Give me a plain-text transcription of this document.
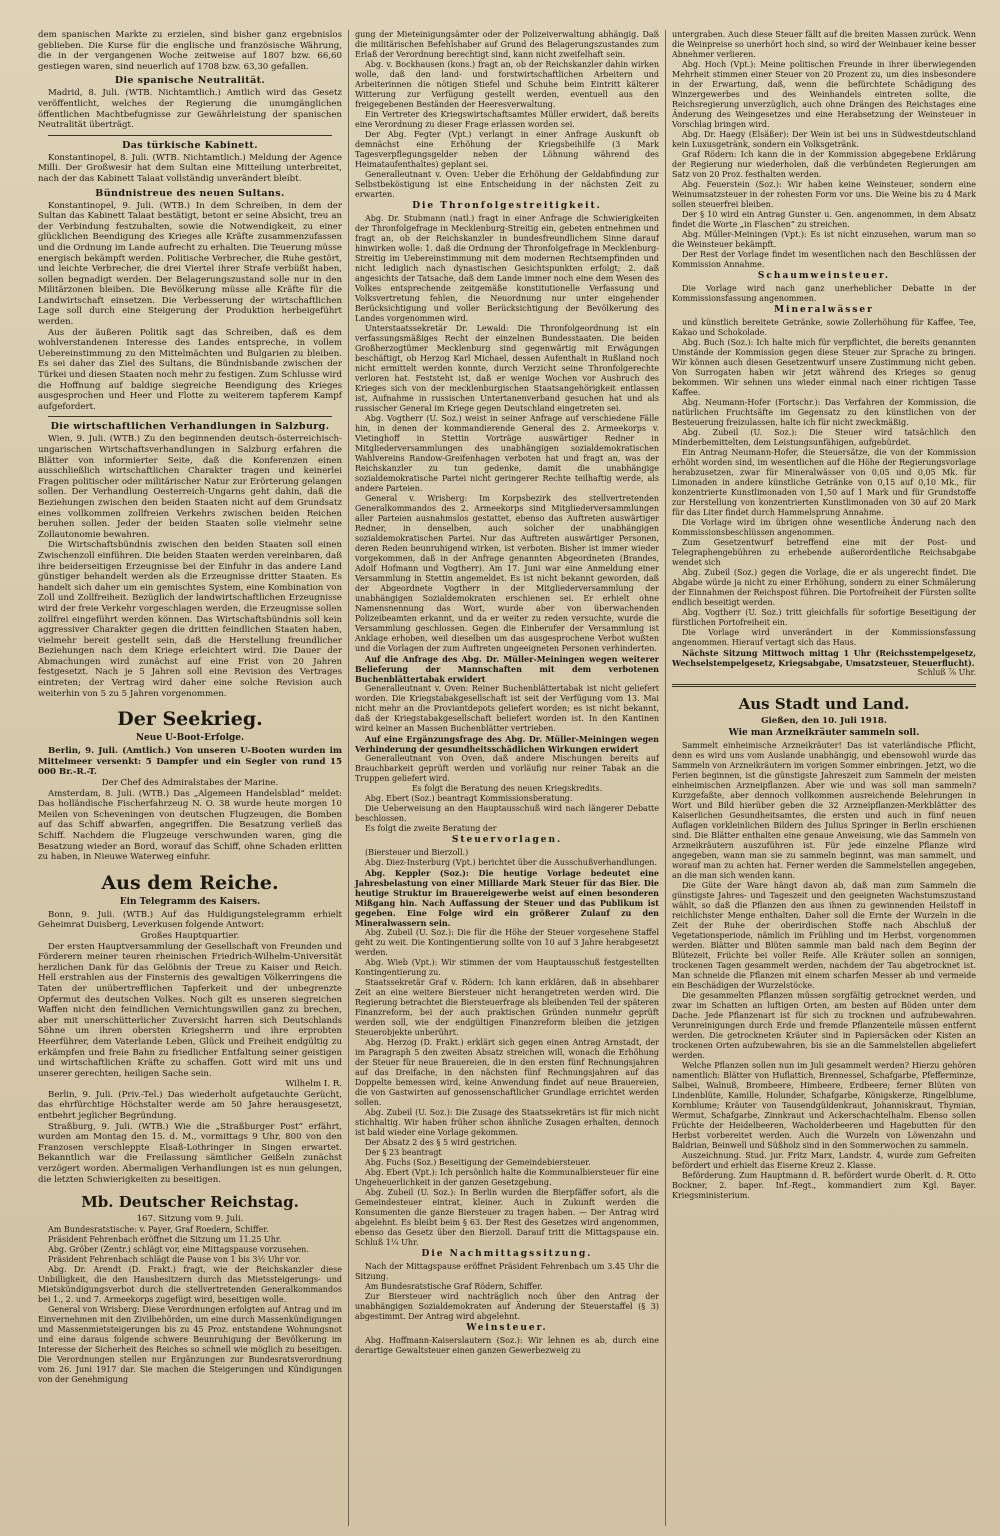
dem spanischen Markte zu erzielen, sind bisher ganz ergebnislos geblieben. Die Kurse für die englische und französische Währung, die in der vergangenen Woche zeitweise auf 1807 bzw. 66,60 gestiegen waren, sind neuerlich auf 1708 bzw. 63,30 gefallen.

Die spanische Neutralität.

Madrid, 8. Juli. (WTB. Nichtamtlich.) Amtlich wird das Gesetz veröffentlicht, welches der Regierung die unumgänglichen öffentlichen Machtbefugnisse zur Gewährleistung der spanischen Neutralität überträgt.

Das türkische Kabinett.

Konstantinopel, 8. Juli. (WTB. Nichtamtlich.) Meldung der Agence Milli. Der Großwesir hat dem Sultan eine Mitteilung unterbreitet, nach der das Kabinett Talaat vollständig unverändert bleibt.

Bündnistreue des neuen Sultans.

Konstantinopel, 9. Juli. (WTB.) In dem Schreiben, in dem der Sultan das Kabinett Talaat bestätigt, betont er seine Absicht, treu an der Verbindung festzuhalten, sowie die Notwendigkeit, zu einer glücklichen Beendigung des Krieges alle Kräfte zusammenzufassen und die Ordnung im Lande aufrecht zu erhalten. Die Teuerung müsse energisch bekämpft werden. Politische Verbrecher, die Ruhe gestört, und leichte Verbrecher, die drei Viertel ihrer Strafe verbüßt haben, sollen begnadigt werden. Der Belagerungszustand solle nur in den Militärzonen bleiben. Die Bevölkerung müsse alle Kräfte für die Landwirtschaft einsetzen. Die Verbesserung der wirtschaftlichen Lage soll durch eine Steigerung der Produktion herbeigeführt werden.

Aus der äußeren Politik sagt das Schreiben, daß es dem wohlverstandenen Interesse des Landes entspreche, in vollem Uebereinstimmung zu den Mittelmächten und Bulgarien zu bleiben. Es sei daher das Ziel des Sultans, die Bündnisbande zwischen der Türkei und diesen Staaten noch mehr zu festigen. Zum Schlusse wird die Hoffnung auf baldige siegreiche Beendigung des Krieges ausgesprochen und Heer und Flotte zu weiterem tapferem Kampf aufgefordert.

Die wirtschaftlichen Verhandlungen in Salzburg.

Wien, 9. Juli. (WTB.) Zu den beginnenden deutsch-österreichisch-ungarischen Wirtschaftsverhandlungen in Salzburg erfahren die Blätter von informierter Seite, daß die Konferenzen einen ausschließlich wirtschaftlichen Charakter tragen und keinerlei Fragen politischer oder militärischer Natur zur Erörterung gelangen sollen. Der Verhandlung Oesterreich-Ungarns geht dahin, daß die Beziehungen zwischen den beiden Staaten nicht auf dem Grundsatz eines vollkommen zollfreien Verkehrs zwischen beiden Reichen beruhen sollen. Jeder der beiden Staaten solle vielmehr seine Zollautonomie bewahren.

Die Wirtschaftsbündnis zwischen den beiden Staaten soll einen Zwischenzoll einführen. Die beiden Staaten werden vereinbaren, daß ihre beiderseitigen Erzeugnisse bei der Einfuhr in das andere Land günstiger behandelt werden als die Erzeugnisse dritter Staaten. Es handelt sich daher um ein gemischtes System, eine Kombination von Zoll und Zollfreiheit. Bezüglich der landwirtschaftlichen Erzeugnisse wird der freie Verkehr vorgeschlagen werden, die Erzeugnisse sollen zollfrei eingeführt werden können. Das Wirtschaftsbündnis soll kein aggressiver Charakter gegen die dritten feindlichen Staaten haben, vielmehr bereit gestellt sein, daß die Herstellung freundlicher Beziehungen nach dem Kriege erleichtert wird. Die Dauer der Abmachungen wird zunächst auf eine Frist von 20 Jahren festgesetzt. Nach je 5 Jahren soll eine Revision des Vertrages eintreten; der Vertrag wird daher eine solche Revision auch weiterhin von 5 zu 5 Jahren vorgenommen.

Der Seekrieg.
Neue U-Boot-Erfolge.

Berlin, 9. Juli. (Amtlich.) Von unseren U-Booten wurden im Mittelmeer versenkt: 5 Dampfer und ein Segler von rund 15 000 Br.-R.-T.

Der Chef des Admiralstabes der Marine.

Amsterdam, 8. Juli. (WTB.) Das „Algemeen Handelsblad“ meldet: Das holländische Fischerfahrzeug N. O. 38 wurde heute morgen 10 Meilen von Scheveningen von deutschen Flugzeugen, die Bomben auf das Schiff abwarfen, angegriffen. Die Besatzung verließ das Schiff. Nachdem die Flugzeuge verschwunden waren, ging die Besatzung wieder an Bord, worauf das Schiff, ohne Schaden erlitten zu haben, in Nieuwe Waterweg einfuhr.

Aus dem Reiche.
Ein Telegramm des Kaisers.

Bonn, 9. Juli. (WTB.) Auf das Huldigungstelegramm erhielt Geheimrat Duisberg, Leverkusen folgende Antwort:

Großes Hauptquartier.

Der ersten Hauptversammlung der Gesellschaft von Freunden und Förderern meiner teuren rheinischen Friedrich-Wilhelm-Universität herzlichen Dank für das Gelöbnis der Treue zu Kaiser und Reich. Hell erstrahlen aus der Finsternis des gewaltigen Völkerringens die Taten der unübertrefflichen Tapferkeit und der unbegrenzte Opfermut des deutschen Volkes. Noch gilt es unseren siegreichen Waffen nicht den feindlichen Vernichtungswillen ganz zu brechen, aber mit unerschütterlicher Zuversicht harren sich Deutschlands Söhne um ihren obersten Kriegsherrn und ihre erprobten Heerführer, dem Vaterlande Leben, Glück und Freiheit endgültig zu erkämpfen und freie Bahn zu friedlicher Entfaltung seiner geistigen und wirtschaftlichen Kräfte zu schaffen. Gott wird mit uns und unserer gerechten, heiligen Sache sein.

Wilhelm I. R.

Berlin, 9. Juli. (Priv.-Tel.) Das wiederholt aufgetauchte Gerücht, das ehrfürchtige Höchstalter werde am 50 Jahre herausgesetzt, entbehrt jeglicher Begründung.

Straßburg, 9. Juli. (WTB.) Wie die „Straßburger Post“ erfährt, wurden am Montag den 15. d. M., vormittags 9 Uhr, 800 von den Franzosen verschleppte Elsaß-Lothringer in Singen erwartet. Bekanntlich war die Freilassung sämtlicher Geißeln zunächst verzögert worden. Abermaligen Verhandlungen ist es nun gelungen, die letzten Schwierigkeiten zu beseitigen.

Mb. Deutscher Reichstag.

167. Sitzung vom 9. Juli.

Am Bundesratstische: v. Payer, Graf Roedern, Schiffer.

Präsident Fehrenbach eröffnet die Sitzung um 11.25 Uhr.

Abg. Gröber (Zentr.) schlägt vor, eine Mittagspause vorzusehen.

Präsident Fehrenbach schlägt die Pause von 1 bis 3½ Uhr vor.

Abg. Dr. Arendt (D. Frakt.) fragt, wie der Reichskanzler diese Unbilligkeit, die den Hausbesitzern durch das Mietssteigerungs- und Mietskündigungsverbot durch die stellvertretenden Generalkommandos bei 1., 2. und 7. Armeekorps zugefügt wird, beseitigen wolle.

General von Wrisberg: Diese Verordnungen erfolgten auf Antrag und im Einvernehmen mit den Zivilbehörden, um eine durch Massenkündigungen und Massenmietsteigerungen bis zu 45 Proz. entstandene Wohnungsnot und eine daraus folgende schwere Beunruhigung der Bevölkerung im Interesse der Sicherheit des Reiches so schnell wie möglich zu beseitigen. Die Verordnungen stellen nur Ergänzungen zur Bundesratsverordnung vom 26. Juni 1917 dar. Sie machen die Steigerungen und Kündigungen von der Genehmigung

gung der Mieteinigungsämter oder der Polizeiverwaltung abhängig. Daß die militärischen Befehlshaber auf Grund des Belagerungszustandes zum Erlaß der Verordnung berechtigt sind, kann nicht zweifelhaft sein.

Abg. v. Bockhausen (kons.) fragt an, ob der Reichskanzler dahin wirken wolle, daß den land- und forstwirtschaftlichen Arbeitern und Arbeiterinnen die nötigen Stiefel und Schuhe beim Eintritt kälterer Witterung zur Verfügung gestellt werden, eventuell aus den freigegebenen Beständen der Heeresverwaltung.

Ein Vertreter des Kriegswirtschaftsamtes Müller erwidert, daß bereits eine Verordnung zu dieser Frage erlassen worden sei.

Der Abg. Fegter (Vpt.) verlangt in einer Anfrage Auskunft ob demnächst eine Erhöhung der Kriegsbeihilfe (3 Mark Tagesverpflegungsgelder neben der Löhnung während des Heimataufenthaltes) geplant sei.

Generalleutnant v. Oven: Ueber die Erhöhung der Geldabfindung zur Selbstbeköstigung ist eine Entscheidung in der nächsten Zeit zu erwarten.

Die Thronfolgestreitigkeit.

Abg. Dr. Stubmann (natl.) fragt in einer Anfrage die Schwierigkeiten der Thronfolgefrage in Mecklenburg-Streitig ein, gebeten entnehmen und fragt an, ob der Reichskanzler in bundesfreundlichem Sinne darauf hinwirken wolle: 1. daß die Ordnung der Thronfolgefrage in Mecklenburg-Streitig im Uebereinstimmung mit dem modernen Rechtsempfinden und nicht lediglich nach dynastischen Gesichtspunkten erfolgt; 2. daß angesichts der Tatsache, daß dem Lande immer noch eine dem Wesen des Volkes entsprechende zeitgemäße konstitutionelle Verfassung und Volksvertretung fehlen, die Neuordnung nur unter eingehender Berücksichtigung und voller Berücksichtigung der Bevölkerung des Landes vorgenommen wird.

Unterstaatssekretär Dr. Lewald: Die Thronfolgeordnung ist ein verfassungsmäßiges Recht der einzelnen Bundesstaaten. Die beiden Großherzogtümer Mecklenburg sind gegenwärtig mit Erwägungen beschäftigt, ob Herzog Karl Michael, dessen Aufenthalt in Rußland noch nicht ermittelt werden konnte, durch Verzicht seine Thronfolgerechte verloren hat. Feststeht ist, daß er wenige Wochen vor Ausbruch des Krieges sich von der mecklenburgischen Staatsangehörigkeit entlassen ist, Aufnahme in russischen Untertanenverband gesuchen hat und als russischer General im Kriege gegen Deutschland eingetreten sei.

Abg. Vogtherr (U. Soz.) weist in seiner Anfrage auf verschiedene Fälle hin, in denen der kommandierende General des 2. Armeekorps v. Vietinghoff in Stettin Vorträge auswärtiger Redner in Mitgliederversammlungen des unabhängigen sozialdemokratischen Wahlvereins Randow-Greifenhagen verboten hat und fragt an, was der Reichskanzler zu tun gedenke, damit die unabhängige sozialdemokratische Partei nicht geringerer Rechte teilhaftig werde, als andere Parteien.

General v. Wrisberg: Im Korpsbezirk des stellvertretenden Generalkommandos des 2. Armeekorps sind Mitgliederversammlungen aller Parteien ausnahmslos gestattet, ebenso das Auftreten auswärtiger Redner, in denselben, auch solcher der unabhängigen sozialdemokratischen Partei. Nur das Auftreten auswärtiger Personen, deren Reden beunruhigend wirken, ist verboten. Bisher ist immer wieder vorgekommen, daß in der Anfrage genannten Abgeordneten (Brandes, Adolf Hofmann und Vogtherr). Am 17. Juni war eine Anmeldung einer Versammlung in Stettin angemeldet. Es ist nicht bekannt geworden, daß der Abgeordnete Vogtherr in der Mitgliederversammlung der unabhängigen Sozialdemokraten erschienen sei. Er erhielt ohne Namensnennung das Wort, wurde aber von überwachenden Polizeibeamten erkannt, und da er weiter zu reden versuchte, wurde die Versammlung geschlossen. Gegen die Einberufer der Versammlung ist Anklage erhoben, weil dieselben um das ausgesprochene Verbot wußten und die Vorlagen der zum Auftreten ungeeigneten Personen verhinderten.

Auf die Anfrage des Abg. Dr. Müller-Meiningen wegen weiterer Belieferung der Mannschaften mit dem verbotenen Buchenblättertabak erwidert

Generalleutnant v. Oven: Reiner Buchenblättertabak ist nicht geliefert worden. Die Kriegstabakgesellschaft ist seit der Verfügung vom 13. Mai nicht mehr an die Proviantdepots geliefert worden; es ist nicht bekannt, daß der Kriegstabakgesellschaft beliefert worden ist. In den Kantinen wird keiner an Massen Buchenblätter vertrieben.

Auf eine Ergänzungsfrage des Abg. Dr. Müller-Meiningen wegen Verhinderung der gesundheitsschädlichen Wirkungen erwidert

Generalleutnant von Oven, daß andere Mischungen bereits auf Brauchbarkeit geprüft werden und vorläufig nur reiner Tabak an die Truppen geliefert wird.

Es folgt die Beratung des neuen Kriegskredits.

Abg. Ebert (Soz.) beantragt Kommissionsberatung.

Die Ueberweisung an den Hauptausschuß wird nach längerer Debatte beschlossen.

Es folgt die zweite Beratung der

Steuervorlagen.

(Biersteuer und Bierzoll.)

Abg. Diez-Insterburg (Vpt.) berichtet über die Ausschußverhandlungen.

Abg. Keppler (Soz.): Die heutige Vorlage bedeutet eine Jahresbelastung von einer Milliarde Mark Steuer für das Bier. Die heutige Struktur im Brauereigewerbe weist auf einen besonderen Mißgang hin. Nach Auffassung der Steuer und das Publikum ist gegeben. Eine Folge wird ein größerer Zulauf zu den Mineralwassern sein.

Abg. Zubeil (U. Soz.): Die für die Höhe der Steuer vorgesehene Staffel geht zu weit. Die Kontingentierung sollte von 10 auf 3 Jahre herabgesetzt werden.

Abg. Wieb (Vpt.): Wir stimmen der vom Hauptausschuß festgestellten Kontingentierung zu.

Staatssekretär Graf v. Rödern: Ich kann erklären, daß in absehbarer Zeit an eine weitere Biersteuer nicht herangetreten werden wird. Die Regierung betrachtet die Biersteuerfrage als bleibenden Teil der späteren Finanzreform, bei der auch praktischen Gründen nunmehr geprüft werden soll, wie der endgültigen Finanzreform bleiben die jetzigen Steuerobjekte unberührt.

Abg. Herzog (D. Frakt.) erklärt sich gegen einen Antrag Arnstadt, der im Paragraph 5 den zweiten Absatz streichen will, wonach die Erhöhung der Steuer für neue Brauereien, die in den ersten fünf Rechnungsjahren auf das Dreifache, in den nächsten fünf Rechnungsjahren auf das Doppelte bemessen wird, keine Anwendung findet auf neue Brauereien, die von Gastwirten auf genossenschaftlicher Grundlage errichtet werden sollen.

Abg. Zubeil (U. Soz.): Die Zusage des Staatssekretärs ist für mich nicht stichhaltig. Wir haben früher schon ähnliche Zusagen erhalten, dennoch ist bald wieder eine Vorlage gekommen.

Der Absatz 2 des § 5 wird gestrichen.

Der § 23 beantragt

Abg. Fuchs (Soz.) Beseitigung der Gemeindebiersteuer.

Abg. Ebert (Vpt.): Ich persönlich halte die Kommunalbiersteuer für eine Ungeheuerlichkeit in der ganzen Gesetzgebung.

Abg. Zubeil (U. Soz.): In Berlin wurden die Bierpfäffer sofort, als die Gemeindesteuer eintrat, kleiner. Auch in Zukunft werden die Konsumenten die ganze Biersteuer zu tragen haben. — Der Antrag wird abgelehnt. Es bleibt beim § 63. Der Rest des Gesetzes wird angenommen, ebenso das Gesetz über den Bierzoll. Darauf tritt die Mittagspause ein. Schluß 1¼ Uhr.

Die Nachmittagssitzung.

Nach der Mittagspause eröffnet Präsident Fehrenbach um 3.45 Uhr die Sitzung.

Am Bundesratstische Graf Rödern, Schiffer.

Zur Biersteuer wird nachträglich noch über den Antrag der unabhängigen Sozialdemokraten auf Änderung der Steuerstaffel (§ 3) abgestimmt. Der Antrag wird abgelehnt.

Weinsteuer.

Abg. Hoffmann-Kaiserslautern (Soz.): Wir lehnen es ab, durch eine derartige Gewaltsteuer einen ganzen Gewerbezweig zu

untergraben. Auch diese Steuer fällt auf die breiten Massen zurück. Wenn die Weinpreise so unerhört hoch sind, so wird der Weinbauer keine besser Abnehmer verlieren.

Abg. Hoch (Vpt.): Meine politischen Freunde in ihrer überwiegenden Mehrheit stimmen einer Steuer von 20 Prozent zu, um dies insbesondere in der Erwartung, daß, wenn die befürchtete Schädigung des Winzergewerbes und des Weinhandels eintreten sollte, die Reichsregierung unverzüglich, auch ohne Drängen des Reichstages eine Änderung des Weingesetzes und eine Herabsetzung der Weinsteuer in Vorschlag bringen wird.

Abg. Dr. Haegy (Elsäßer): Der Wein ist bei uns in Südwestdeutschland kein Luxusgetränk, sondern ein Volksgetränk.

Graf Rödern: Ich kann die in der Kommission abgegebene Erklärung der Regierung nur wiederholen, daß die verbündeten Regierungen am Satz von 20 Proz. festhalten werden.

Abg. Feuerstein (Soz.): Wir haben keine Weinsteuer, sondern eine Weinumsatzsteuer in der rohesten Form vor uns. Die Weine bis zu 4 Mark sollen steuerfrei bleiben.

Der § 10 wird ein Antrag Gunster u. Gen. angenommen, in dem Absatz findet die Worte „in Flaschen“ zu streichen.

Abg. Müller-Meiningen (Vpt.): Es ist nicht einzusehen, warum man so die Weinsteuer bekämpft.

Der Rest der Vorlage findet im wesentlichen nach den Beschlüssen der Kommission Annahme.

Schaumweinsteuer.

Die Vorlage wird nach ganz unerheblicher Debatte in der Kommissionsfassung angenommen.

Mineralwässer

und künstlich bereitete Getränke, sowie Zollerhöhung für Kaffee, Tee, Kakao und Schokolade.

Abg. Buch (Soz.): Ich halte mich für verpflichtet, die bereits genannten Umstände der Kommission gegen diese Steuer zur Sprache zu bringen. Wir können auch diesen Gesetzentwurf unsere Zustimmung nicht geben. Von Surrogaten haben wir jetzt während des Krieges so genug bekommen. Wir sehnen uns wieder einmal nach einer richtigen Tasse Kaffee.

Abg. Neumann-Hofer (Fortschr.): Das Verfahren der Kommission, die natürlichen Fruchtsäfte im Gegensatz zu den künstlichen von der Besteuerung freizulassen, halte ich für nicht zweckmäßig.

Abg. Zubeil (U. Soz.): Die Steuer wird tatsächlich den Minderbemittelten, dem Leistungsunfähigen, aufgebürdet.

Ein Antrag Neumann-Hofer, die Steuersätze, die von der Kommission erhöht worden sind, im wesentlichen auf die Höhe der Regierungsvorlage herabzusetzen, zwar für Mineralwässer von 0,05 und 0,05 Mk. für Limonaden in andere künstliche Getränke von 0,15 auf 0,10 Mk., für konzentrierte Kunstlimonaden von 1,50 auf 1 Mark und für Grundstoffe zur Herstellung von konzentrierten Kunstlimonaden von 30 auf 20 Mark für das Liter findet durch Hammelsprung Annahme.

Die Vorlage wird im übrigen ohne wesentliche Änderung nach den Kommissionsbeschlüssen angenommen.

Zum Gesetzentwurf betreffend eine mit der Post- und Telegraphengebühren zu erhebende außerordentliche Reichsabgabe wendet sich

Abg. Zubeil (Soz.) gegen die Vorlage, die er als ungerecht findet. Die Abgabe würde ja nicht zu einer Erhöhung, sondern zu einer Schmälerung der Einnahmen der Reichspost führen. Die Portofreiheit der Fürsten sollte endlich beseitigt werden.

Abg. Vogtherr (U. Soz.) tritt gleichfalls für sofortige Beseitigung der fürstlichen Portofreiheit ein.

Die Vorlage wird unverändert in der Kommissionsfassung angenommen. Hierauf vertagt sich das Haus.

Nächste Sitzung Mittwoch mittag 1 Uhr (Reichsstempelgesetz, Wechselstempelgesetz, Kriegsabgabe, Umsatzsteuer, Steuerflucht).

Schluß ⅞ Uhr.

Aus Stadt und Land.

Gießen, den 10. Juli 1918.

Wie man Arzneikräuter sammeln soll.

Sammelt einheimische Arzneikräuter! Das ist vaterländische Pflicht, denn es wird uns vom Auslande unabhängig, und ebensowohl wurde das Sammeln von Arzneikräutern im vorigen Sommer einbringen. Jetzt, wo die Ferien beginnen, ist die günstigste Jahreszeit zum Sammeln der meisten einheimischen Arzneipflanzen. Aber wie und was soll man sammeln? Kurzgefaßte, aber dennoch vollkommen ausreichende Belehrungen in Wort und Bild hierüber geben die 32 Arzneipflanzen-Merkblätter des Kaiserlichen Gesundheitsamtes, die ersten und auch in fünf neuen Auflagen vorkleinlichen Bildern des Julius Springer in Berlin erschienen sind. Die Blätter enthalten eine genaue Anweisung, wie das Sammeln von Arzneikräutern auszuführen ist. Für jede einzelne Pflanze wird angegeben, wann man sie zu sammeln beginnt, was man sammelt, und worauf man zu achten hat. Ferner werden die Sammelstellen angegeben, an die man sich wenden kann.

Die Güte der Ware hängt davon ab, daß man zum Sammeln die günstigste Jahres- und Tageszeit und den geeigneten Wachstumszustand wählt, so daß die Pflanzen den aus ihnen zu gewinnenden Heilstoff in reichlichster Menge enthalten. Daher soll die Ernte der Wurzeln in die Zeit der Ruhe der oberirdischen Stoffe nach Abschluß der Vegetationsperiode, nämlich im Frühling und im Herbst, vorgenommen werden. Blätter und Blüten sammle man bald nach dem Beginn der Blütezeit, Früchte bei voller Reife. Alle Kräuter sollen an sonnigen, trockenen Tagen gesammelt werden, nachdem der Tau abgetrocknet ist. Man schneide die Pflanzen mit einem scharfen Messer ab und vermeide ein Beschädigen der Wurzelstöcke.

Die gesammelten Pflanzen müssen sorgfältig getrocknet werden, und zwar im Schatten an luftigen Orten, am besten auf Böden unter dem Dache. Jede Pflanzenart ist für sich zu trocknen und aufzubewahren. Verunreinigungen durch Erde und fremde Pflanzenteile müssen entfernt werden. Die getrockneten Kräuter sind in Papiersäcken oder Kisten an trockenen Orten aufzubewahren, bis sie an die Sammelstellen abgeliefert werden.

Welche Pflanzen sollen nun im Juli gesammelt werden? Hierzu gehören namentlich: Blätter von Huflattich, Brennessel, Schafgarbe, Pfefferminze, Salbei, Walnuß, Brombeere, Himbeere, Erdbeere; ferner Blüten von Lindenblüte, Kamille, Holunder, Schafgarbe, Königskerze, Ringelblume, Kornblume; Kräuter von Tausendgüldenkraut, Johanniskraut, Thymian, Wermut, Schafgarbe, Zinnkraut und Ackerschachtelhalm. Ebenso sollen Früchte der Heidelbeeren, Wacholderbeeren und Hagebutten für den Herbst vorbereitet werden. Auch die Wurzeln von Löwenzahn und Baldrian, Beinwell und Süßholz sind in den Sommerwochen zu sammeln.

Auszeichnung. Stud. jur. Fritz Marx, Landstr. 4, wurde zum Gefreiten befördert und erhielt das Eiserne Kreuz 2. Klasse.

Beförderung. Zum Hauptmann d. R. befördert wurde Oberlt. d. R. Otto Bockner, 2. baper. Inf.-Regt., kommandiert zum Kgl. Bayer. Kriegsministerium.
